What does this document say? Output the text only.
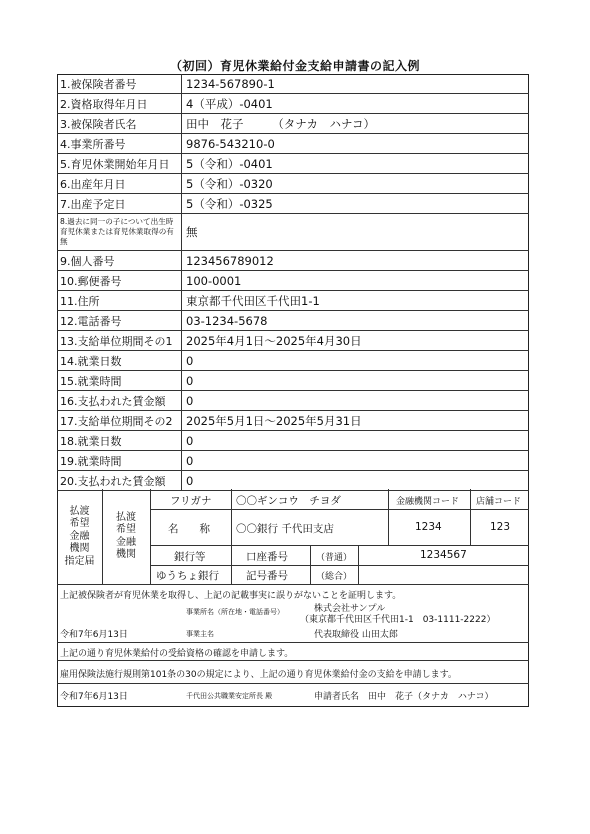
（初回）育児休業給付金支給申請書の記入例
1.被保険者番号	1234-567890-1
2.資格取得年月日	4（平成）-0401
3.被保険者氏名	田中　花子　　　（タナカ　ハナコ）
4.事業所番号	9876-543210-0
5.育児休業開始年月日	5（令和）-0401
6.出産年月日	5（令和）-0320
7.出産予定日	5（令和）-0325
8.過去に同一の子について出生時育児休業または育児休業取得の有無
無
9.個人番号	123456789012
10.郵便番号	100-0001
11.住所	東京都千代田区千代田1-1
12.電話番号	03-1234-5678
13.支給単位期間その1	2025年4月1日～2025年4月30日
14.就業日数	0
15.就業時間	0
16.支払われた賃金額	0
17.支給単位期間その2	2025年5月1日～2025年5月31日
18.就業日数	0
19.就業時間	0
20.支払われた賃金額	0
払渡
希望
金融
機関
指定届
払渡
希望
金融
機関
フリガナ 〇〇ギンコウ　チヨダ	金融機関コード 店舗コード
名　　称 〇〇銀行 千代田支店	1234	123
銀行等	口座番号	（普通）	1234567
ゆうちょ銀行	記号番号	（総合）
上記被保険者が育児休業を取得し、上記の記載事実に誤りがないことを証明します。
事業所名（所在地・電話番号）	株式会社サンプル
（東京都千代田区千代田1-1　03-1111-2222）
令和7年6月13日	事業主名	代表取締役 山田太郎
上記の通り育児休業給付の受給資格の確認を申請します。
雇用保険法施行規則第101条の30の規定により、上記の通り育児休業給付金の支給を申請します。
令和7年6月13日	千代田公共職業安定所長 殿	申請者氏名　田中　花子（タナカ　ハナコ）
